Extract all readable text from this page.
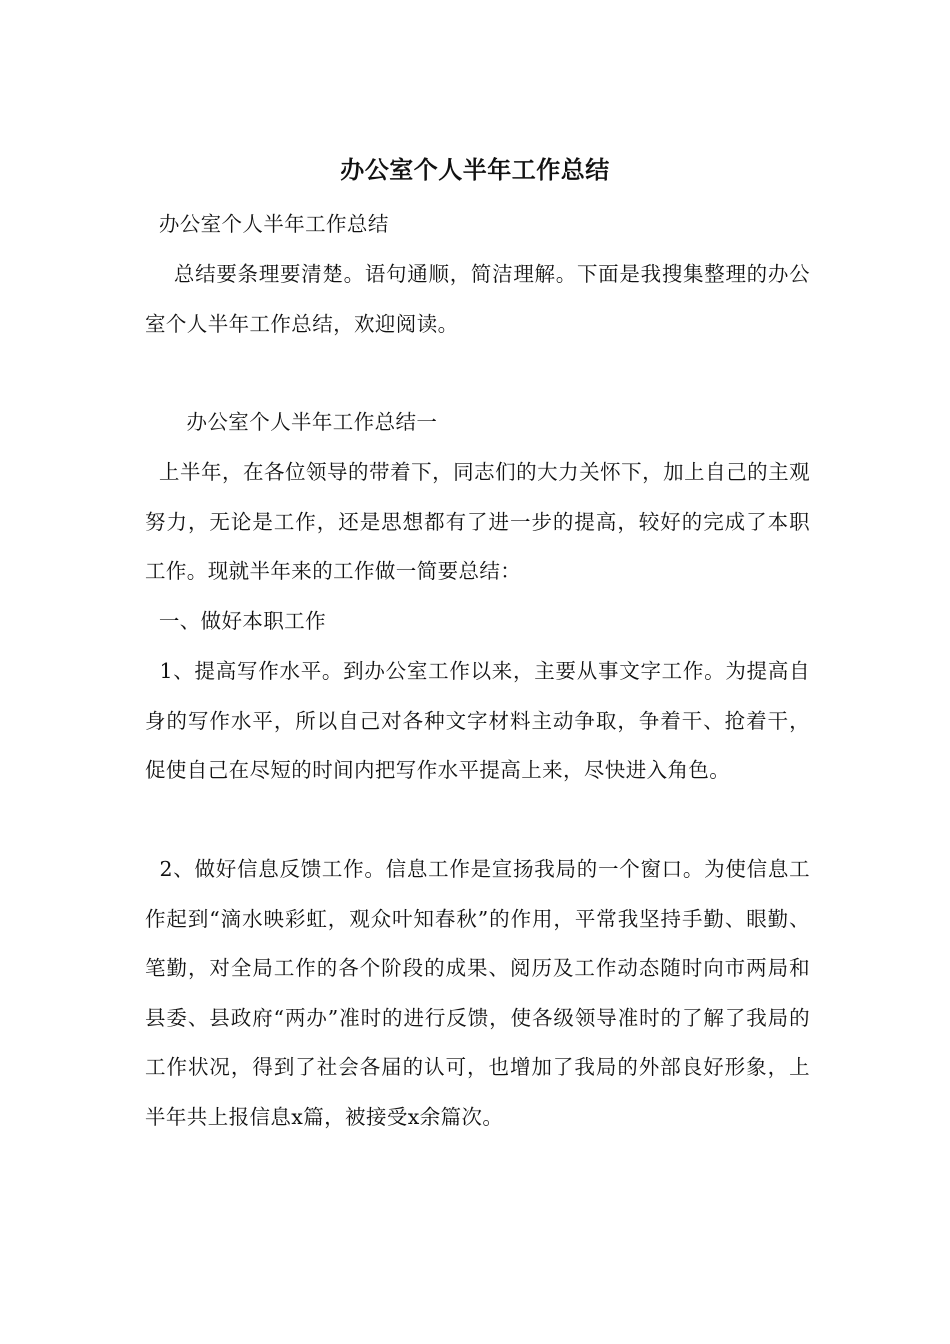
办公室个人半年工作总结
办公室个人半年工作总结
总结要条理要清楚。语句通顺，简洁理解。下面是我搜集整理的办公室个人半年工作总结，欢迎阅读。
办公室个人半年工作总结一
上半年，在各位领导的带着下，同志们的大力关怀下，加上自己的主观努力，无论是工作，还是思想都有了进一步的提高，较好的完成了本职工作。现就半年来的工作做一简要总结：
一、做好本职工作
1、提高写作水平。到办公室工作以来，主要从事文字工作。为提高自身的写作水平，所以自己对各种文字材料主动争取，争着干、抢着干，促使自己在尽短的时间内把写作水平提高上来，尽快进入角色。
2、做好信息反馈工作。信息工作是宣扬我局的一个窗口。为使信息工作起到“滴水映彩虹，观众叶知春秋”的作用，平常我坚持手勤、眼勤、笔勤，对全局工作的各个阶段的成果、阅历及工作动态随时向市两局和县委、县政府“两办”准时的进行反馈，使各级领导准时的了解了我局的工作状况，得到了社会各届的认可，也增加了我局的外部良好形象，上半年共上报信息x篇，被接受x余篇次。
